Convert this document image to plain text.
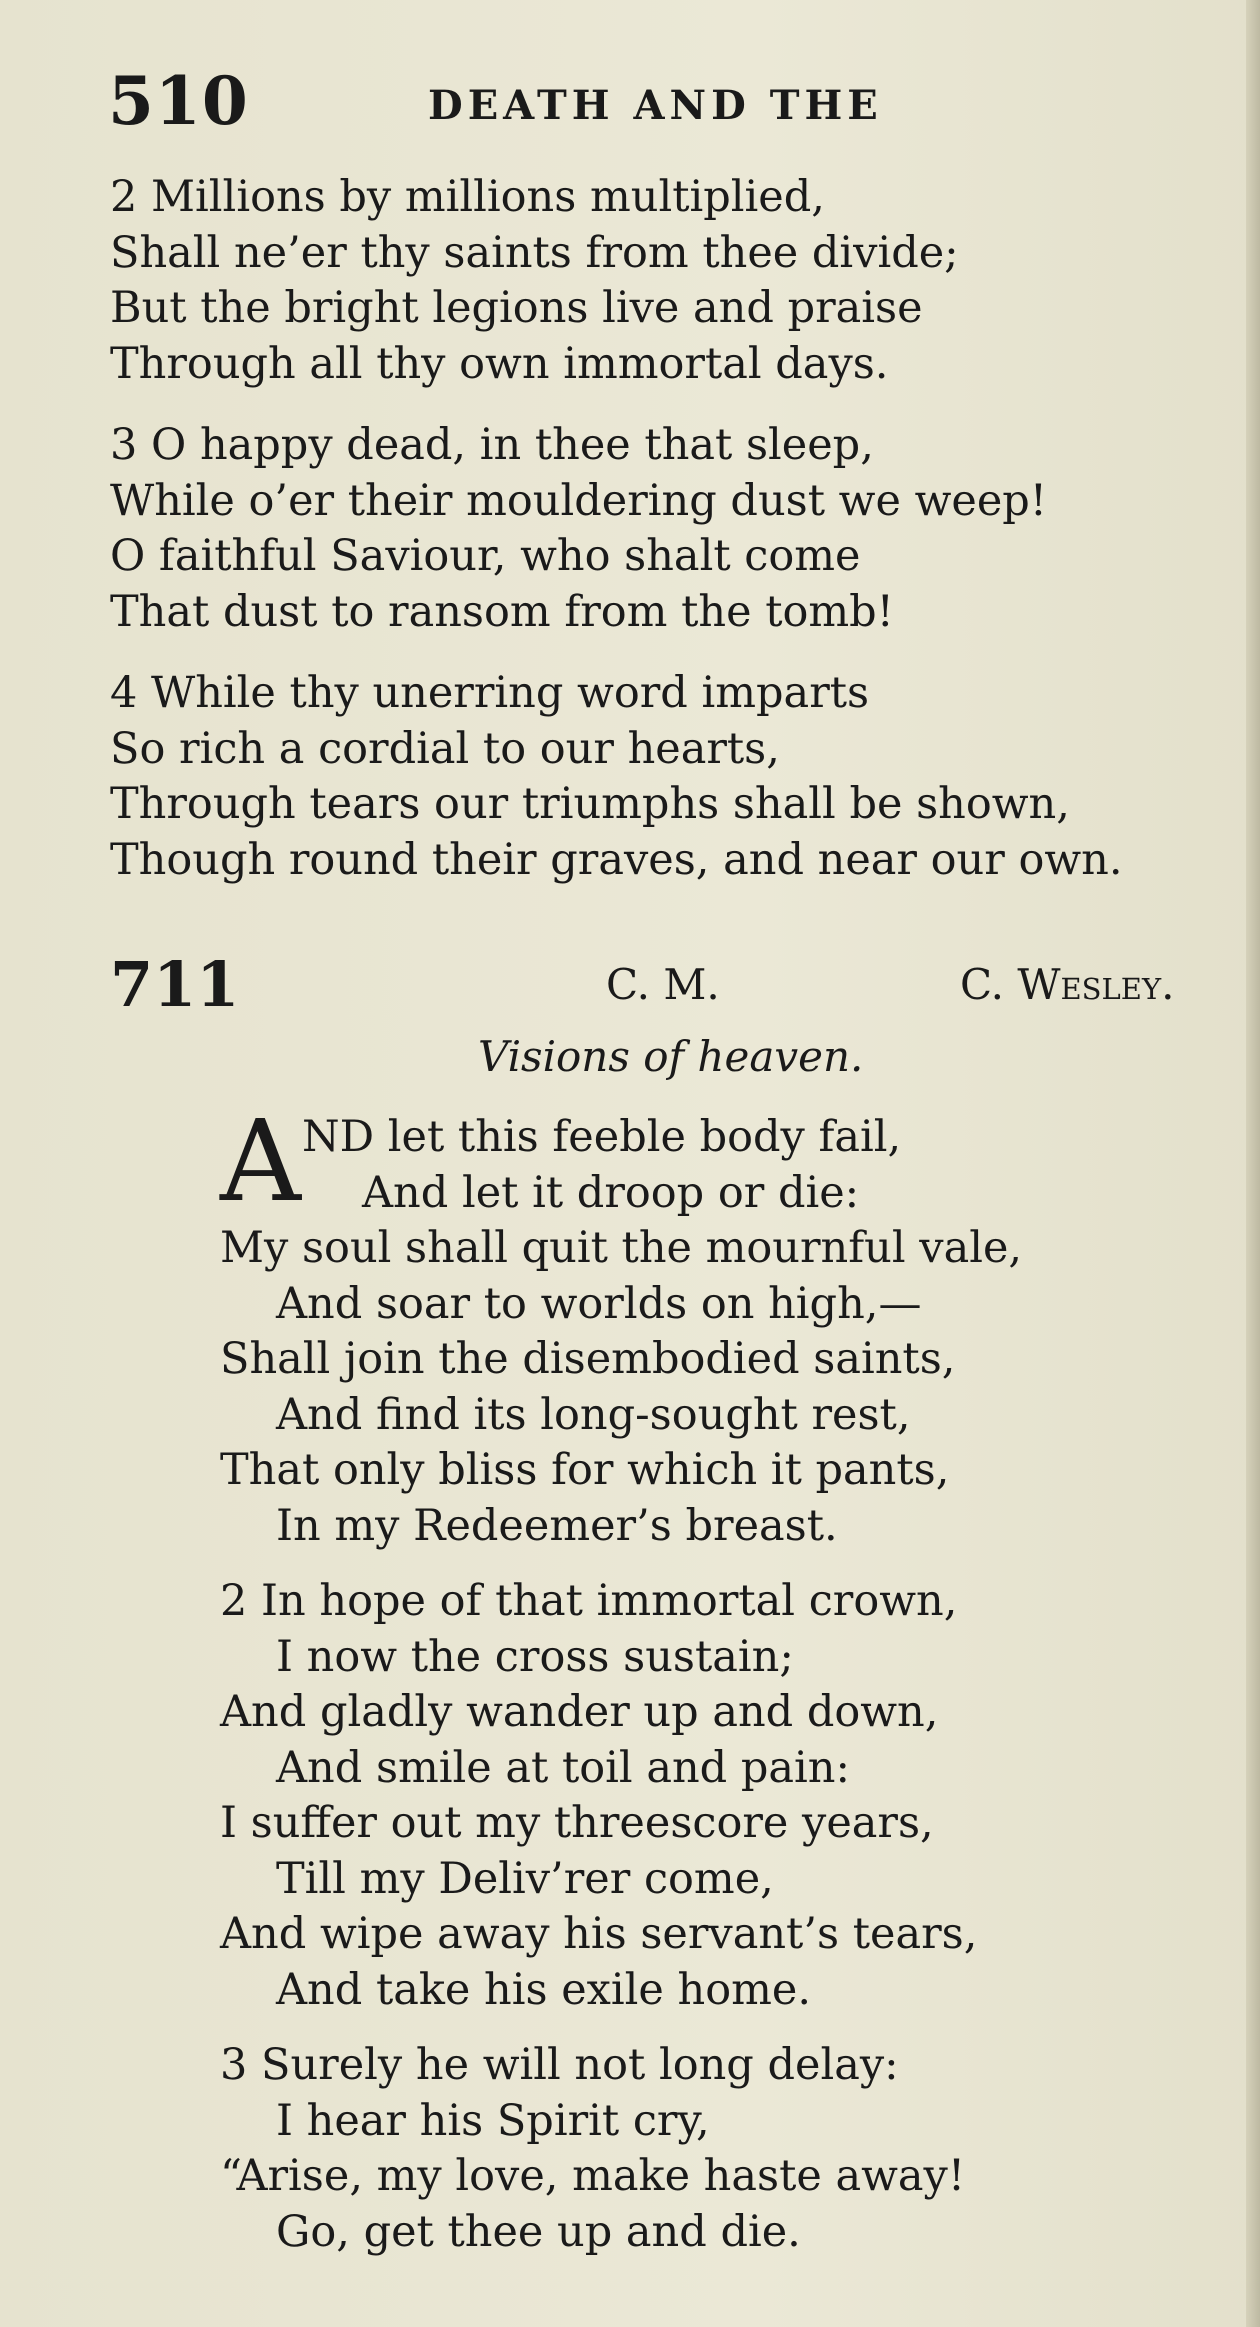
510	DEATH AND THE
2 Millions by millions multiplied,
Shall ne’er thy saints from thee divide;
But the bright legions live and praise
Through all thy own immortal days.
3 O happy dead, in thee that sleep,
While o’er their mouldering dust we weep!
O faithful Saviour, who shalt come
That dust to ransom from the tomb!
4 While thy unerring word imparts
So rich a cordial to our hearts,
Through tears our triumphs shall be shown,
Though round their graves, and near our own.
711	C. M.	C. Wesley.
Visions of heaven.
A ND let this feeble body fail,
And let it droop or die:
My soul shall quit the mournful vale,
And soar to worlds on high,—
Shall join the disembodied saints,
And find its long-sought rest,
That only bliss for which it pants,
In my Redeemer’s breast.
2 In hope of that immortal crown,
I now the cross sustain;
And gladly wander up and down,
And smile at toil and pain:
I suffer out my threescore years,
Till my Deliv’rer come,
And wipe away his servant’s tears,
And take his exile home.
3 Surely he will not long delay:
I hear his Spirit cry,
“Arise, my love, make haste away!
Go, get thee up and die.
